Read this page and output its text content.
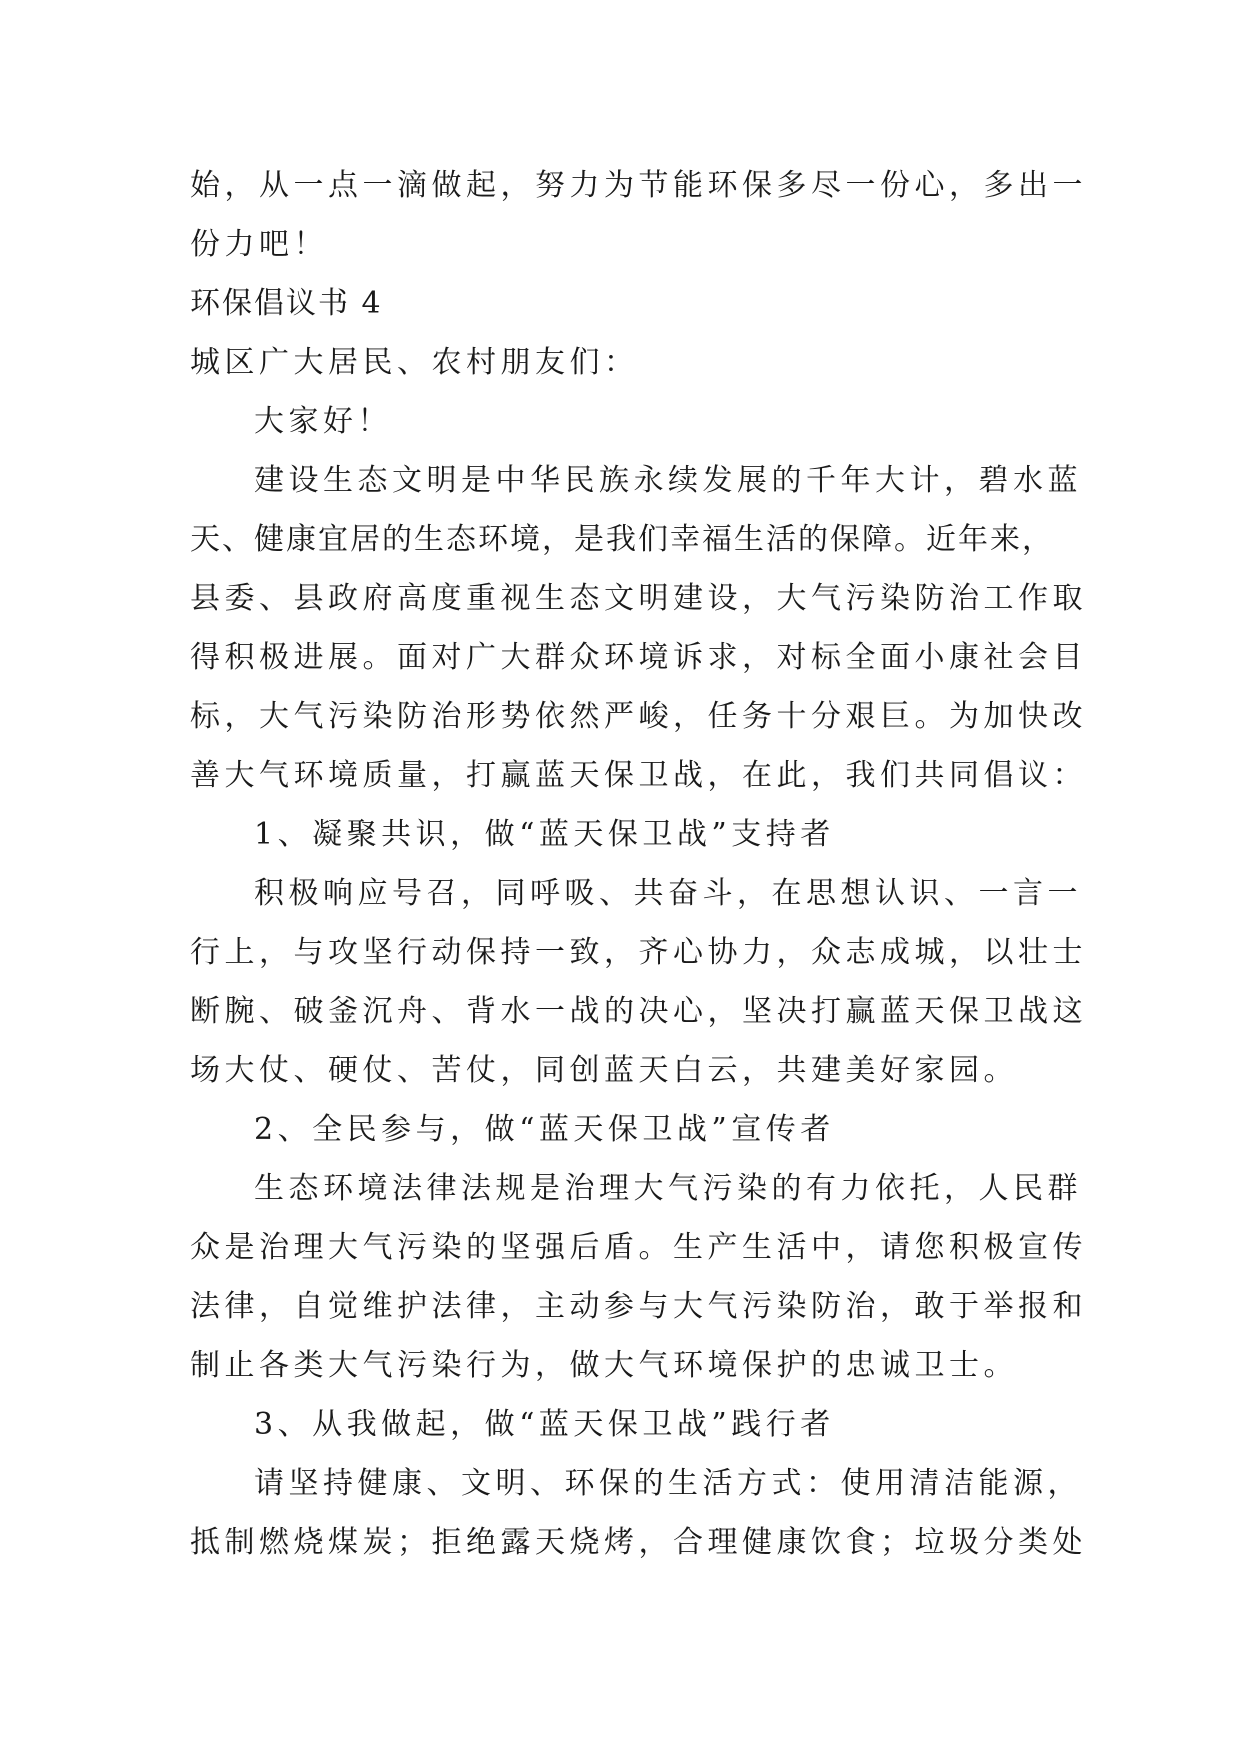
始，从一点一滴做起，努力为节能环保多尽一份心，多出一
份力吧！
环保倡议书 4
城区广大居民、农村朋友们：
大家好！
建设生态文明是中华民族永续发展的千年大计，碧水蓝
天、健康宜居的生态环境，是我们幸福生活的保障。近年来，
县委、县政府高度重视生态文明建设，大气污染防治工作取
得积极进展。面对广大群众环境诉求，对标全面小康社会目
标，大气污染防治形势依然严峻，任务十分艰巨。为加快改
善大气环境质量，打赢蓝天保卫战，在此，我们共同倡议：
1、凝聚共识，做“蓝天保卫战”支持者
积极响应号召，同呼吸、共奋斗，在思想认识、一言一
行上，与攻坚行动保持一致，齐心协力，众志成城，以壮士
断腕、破釜沉舟、背水一战的决心，坚决打赢蓝天保卫战这
场大仗、硬仗、苦仗，同创蓝天白云，共建美好家园。
2、全民参与，做“蓝天保卫战”宣传者
生态环境法律法规是治理大气污染的有力依托，人民群
众是治理大气污染的坚强后盾。生产生活中，请您积极宣传
法律，自觉维护法律，主动参与大气污染防治，敢于举报和
制止各类大气污染行为，做大气环境保护的忠诚卫士。
3、从我做起，做“蓝天保卫战”践行者
请坚持健康、文明、环保的生活方式：使用清洁能源，
抵制燃烧煤炭；拒绝露天烧烤，合理健康饮食；垃圾分类处
